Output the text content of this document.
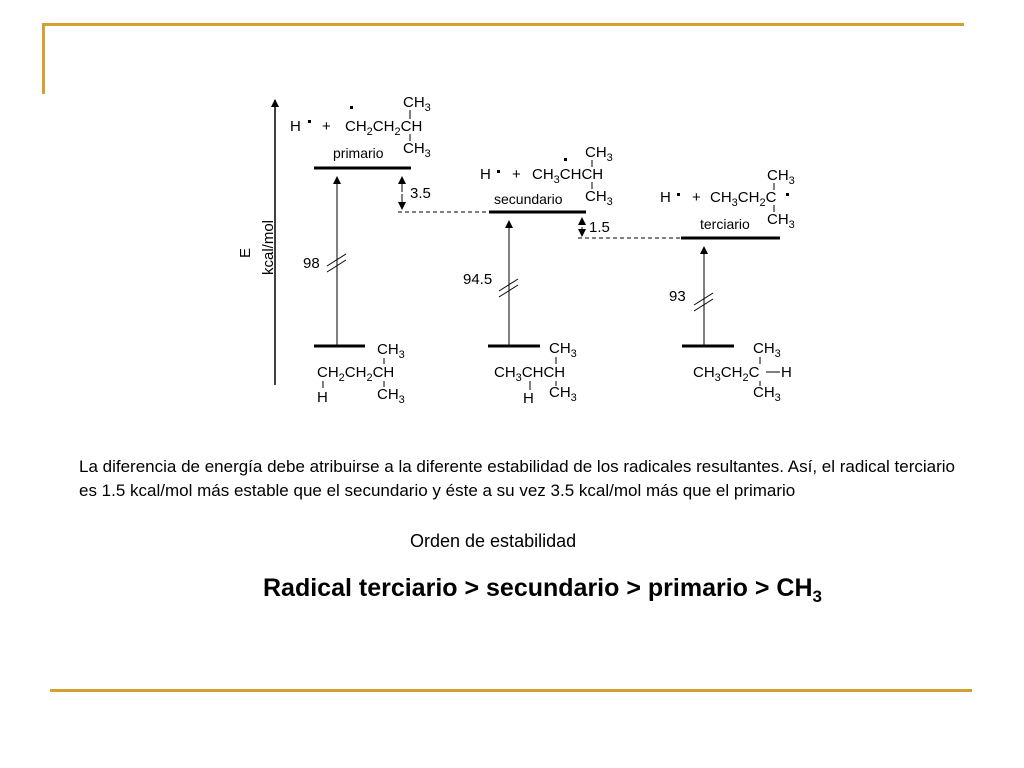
E kcal/mol
$H + CH_2CH_2CH$
$CH_3$
$CH_3$
primario
98
3.5
$H + CH_3CHCH$
$CH_3$
$CH_3$
secundario
94.5
1.5
$H + CH_3CH_2C$
$CH_3$
$CH_3$
terciario
93
$CH_3$
$CH_2CH_2CH$
H	$CH_3$
$CH_3$
$CH_3CHCH$
H $CH_3$
$CH_3$
$CH_3CH_2C$ H
$CH_3$

La diferencia de energía debe atribuirse a la diferente estabilidad de los radicales resultantes. Así, el radical terciario es 1.5 kcal/mol más estable que el secundario y éste a su vez 3.5 kcal/mol más que el primario

Orden de estabilidad

Radical terciario > secundario > primario > $CH_3$
